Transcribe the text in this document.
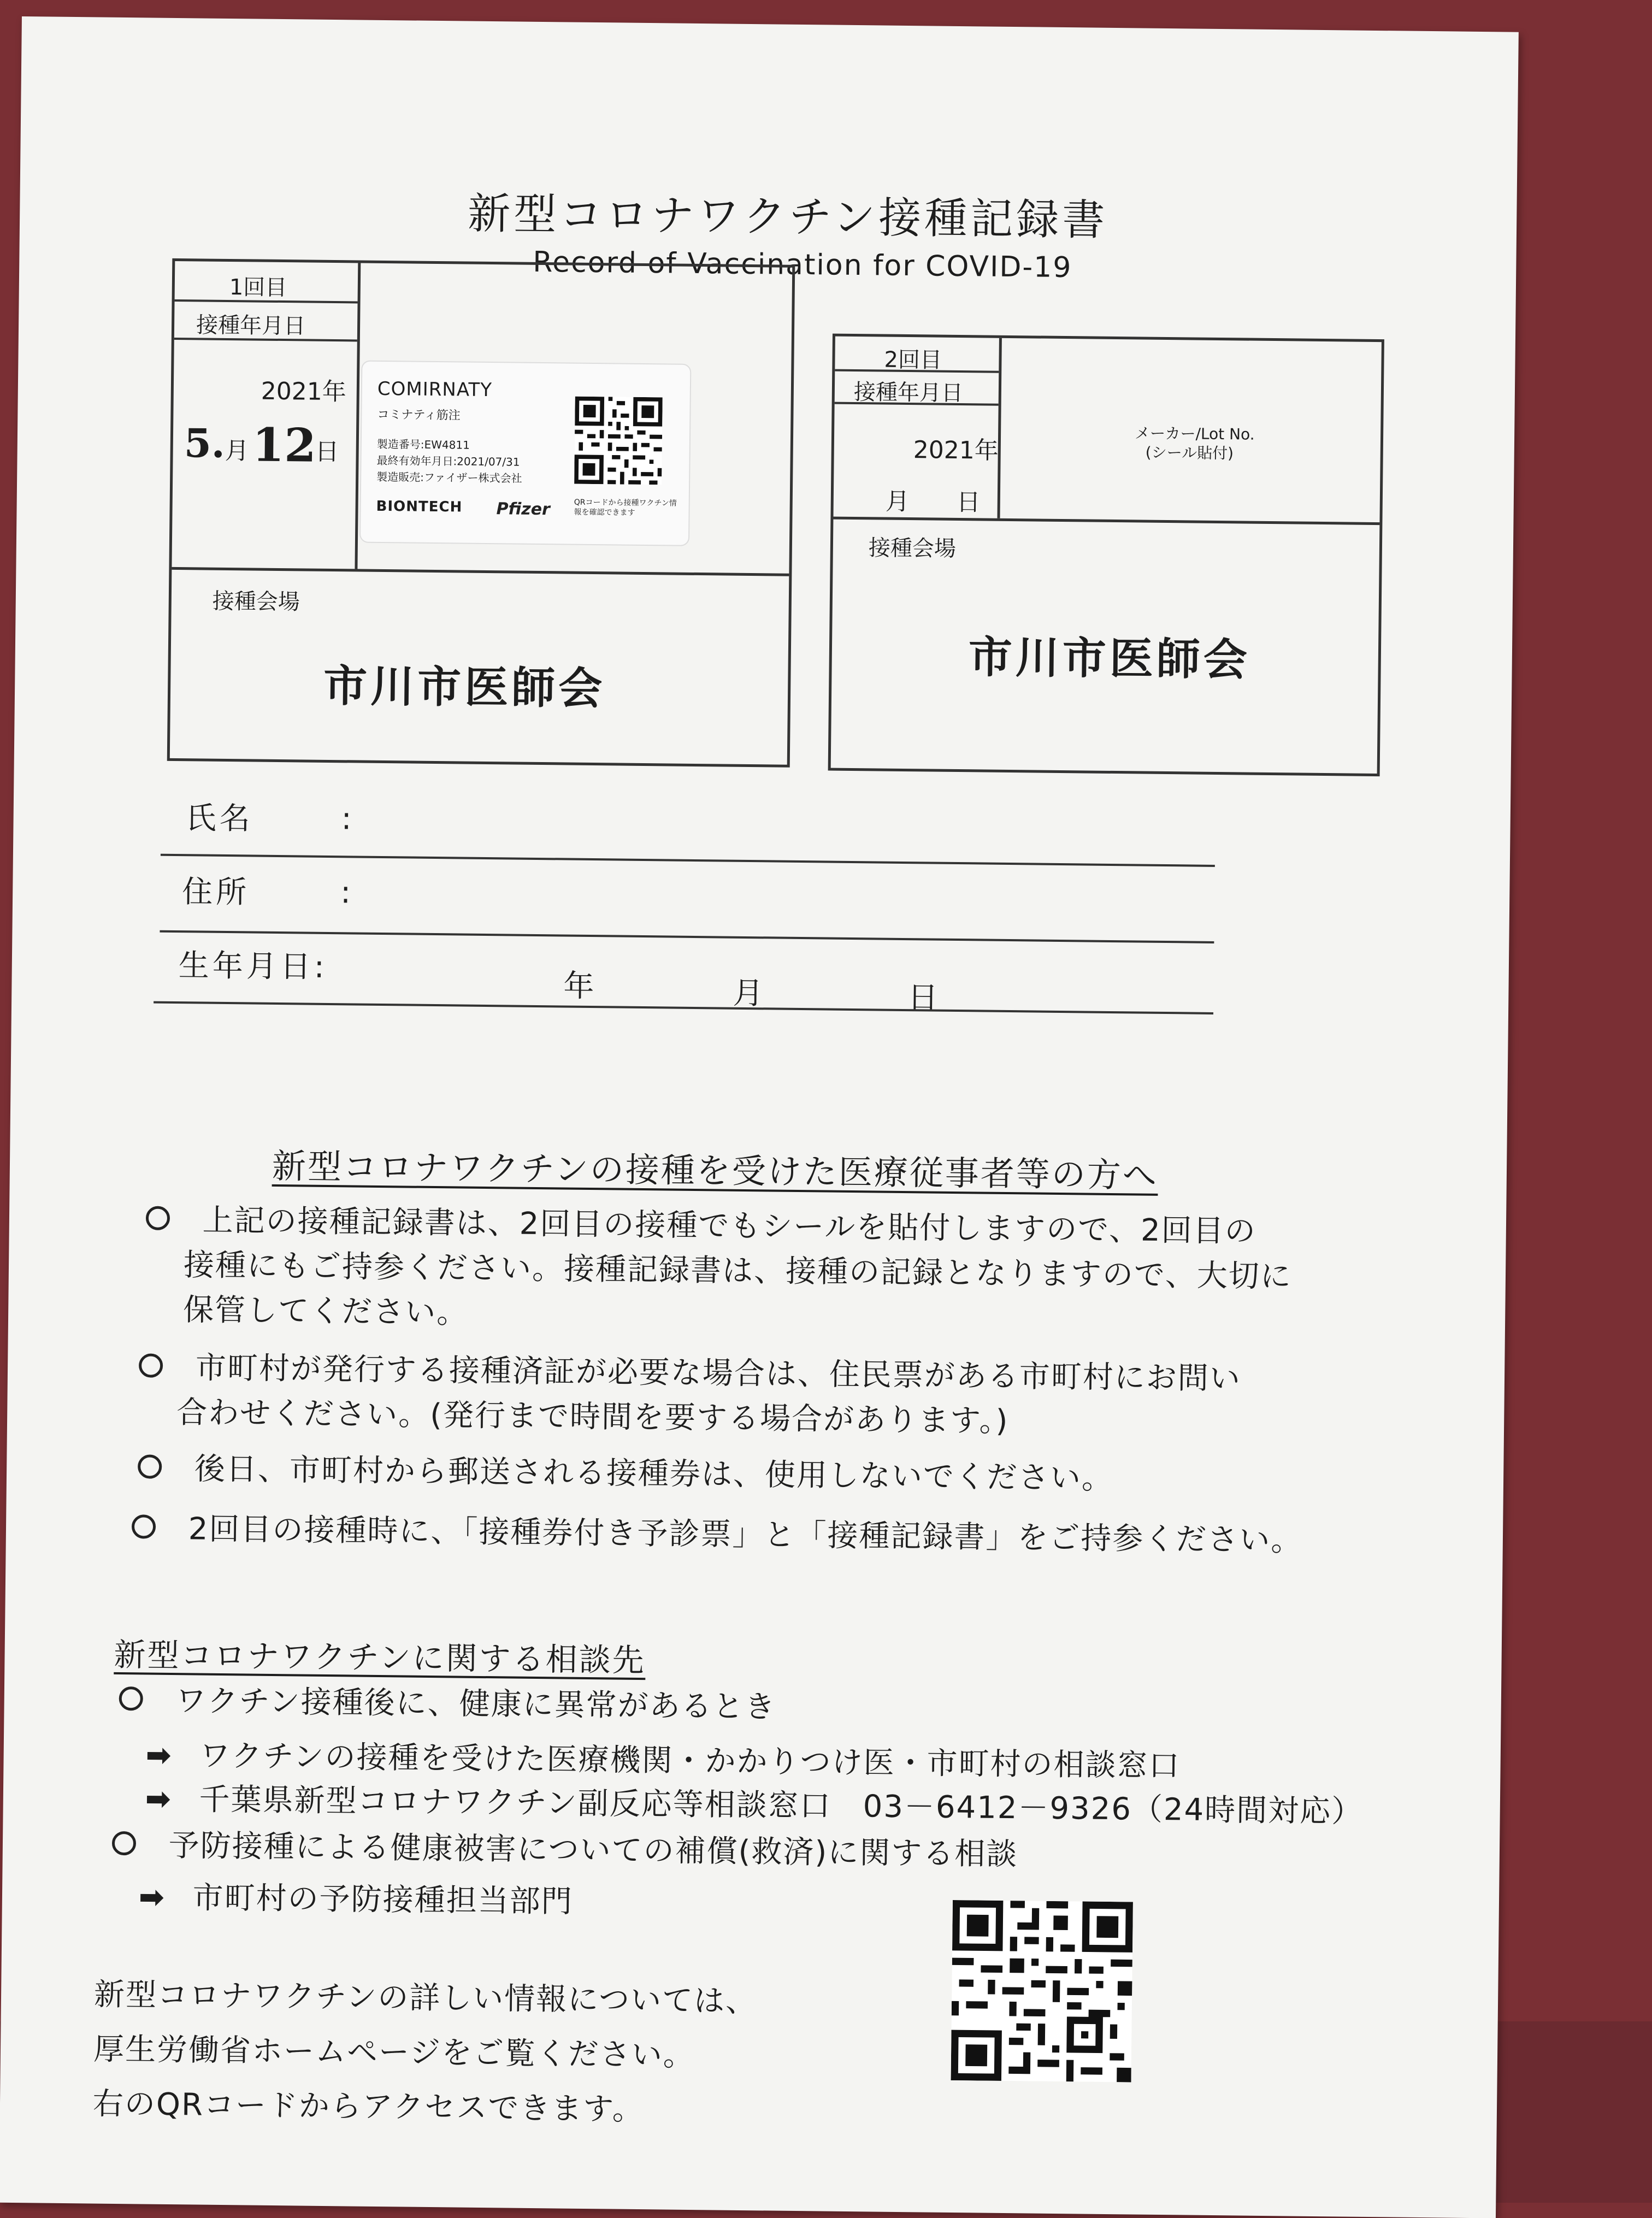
新型コロナワクチン接種記録書
Record of Vaccination for COVID-19
1回目
接種年月日
2021年
5.
月 12
日
COMIRNATY
コミナティ筋注
製造番号:EW4811
最終有効年月日:2021/07/31
製造販売:ファイザー株式会社
BIONTECH Pfizer	QRコードから接種ワクチン情報を確認できます
接種会場
市川市医師会
2回目
接種年月日
2021年
月 日
メーカー/Lot No.
(シール貼付)
接種会場
市川市医師会
氏名	:
住所	:
生年月日:
年	月	日
新型コロナワクチンの接種を受けた医療従事者等の方へ
上記の接種記録書は、2回目の接種でもシールを貼付しますので、2回目の
接種にもご持参ください。接種記録書は、接種の記録となりますので、大切に
保管してください。
市町村が発行する接種済証が必要な場合は、住民票がある市町村にお問い
合わせください。(発行まで時間を要する場合があります。)
後日、市町村から郵送される接種券は、使用しないでください。
2回目の接種時に、「接種券付き予診票」と「接種記録書」をご持参ください。
新型コロナワクチンに関する相談先
ワクチン接種後に、健康に異常があるとき
➡ ワクチンの接種を受けた医療機関・かかりつけ医・市町村の相談窓口
➡ 千葉県新型コロナワクチン副反応等相談窓口　03－6412－9326（24時間対応）
予防接種による健康被害についての補償(救済)に関する相談
➡ 市町村の予防接種担当部門
新型コロナワクチンの詳しい情報については、
厚生労働省ホームページをご覧ください。
右のQRコードからアクセスできます。
